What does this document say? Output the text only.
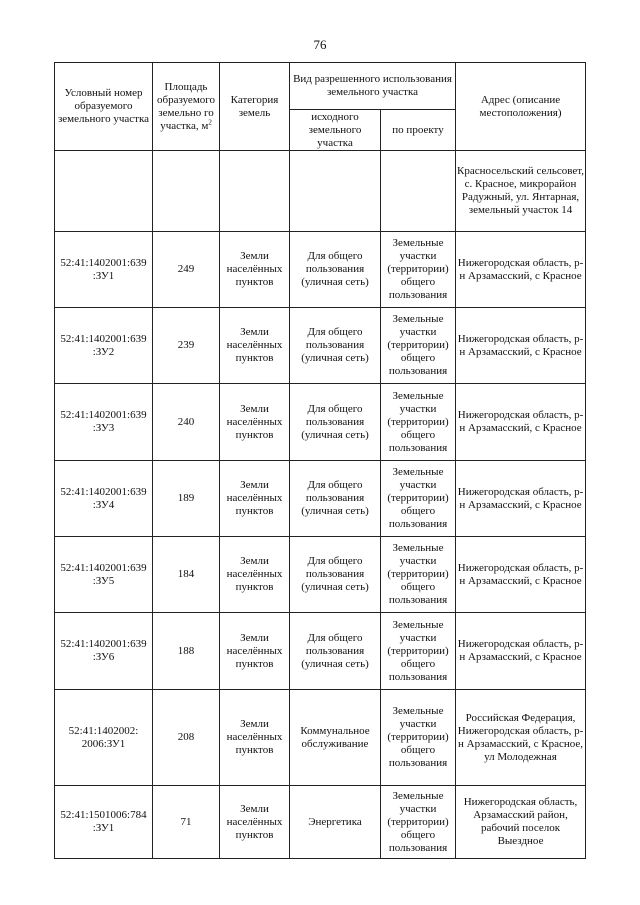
76
Условный номер образуемого земельного участка	Площадь образуемого земельно го участка, $м^2$	Категория земель	Вид разрешенного использования земельного участка		Адрес (описание местоположения)
			исходного земельного участка	по проекту	
					Красносельский сельсовет, с. Красное, микрорайон Радужный, ул. Янтарная, земельный участок 14
52:41:1402001:639 :ЗУ1	249	Земли населённых пунктов	Для общего пользования (уличная сеть)	Земельные участки (территории) общего пользования	Нижегородская область, р-н Арзамасский, с Красное
52:41:1402001:639 :ЗУ2	239	Земли населённых пунктов	Для общего пользования (уличная сеть)	Земельные участки (территории) общего пользования	Нижегородская область, р-н Арзамасский, с Красное
52:41:1402001:639 :ЗУ3	240	Земли населённых пунктов	Для общего пользования (уличная сеть)	Земельные участки (территории) общего пользования	Нижегородская область, р-н Арзамасский, с Красное
52:41:1402001:639 :ЗУ4	189	Земли населённых пунктов	Для общего пользования (уличная сеть)	Земельные участки (территории) общего пользования	Нижегородская область, р-н Арзамасский, с Красное
52:41:1402001:639 :ЗУ5	184	Земли населённых пунктов	Для общего пользования (уличная сеть)	Земельные участки (территории) общего пользования	Нижегородская область, р-н Арзамасский, с Красное
52:41:1402001:639 :ЗУ6	188	Земли населённых пунктов	Для общего пользования (уличная сеть)	Земельные участки (территории) общего пользования	Нижегородская область, р-н Арзамасский, с Красное
52:41:1402002: 2006:ЗУ1	208	Земли населённых пунктов	Коммунальное обслуживание	Земельные участки (территории) общего пользования	Российская Федерация, Нижегородская область, р-н Арзамасский, с Красное, ул Молодежная
52:41:1501006:784 :ЗУ1	71	Земли населённых пунктов	Энергетика	Земельные участки (территории) общего пользования	Нижегородская область, Арзамасский район, рабочий поселок Выездное
